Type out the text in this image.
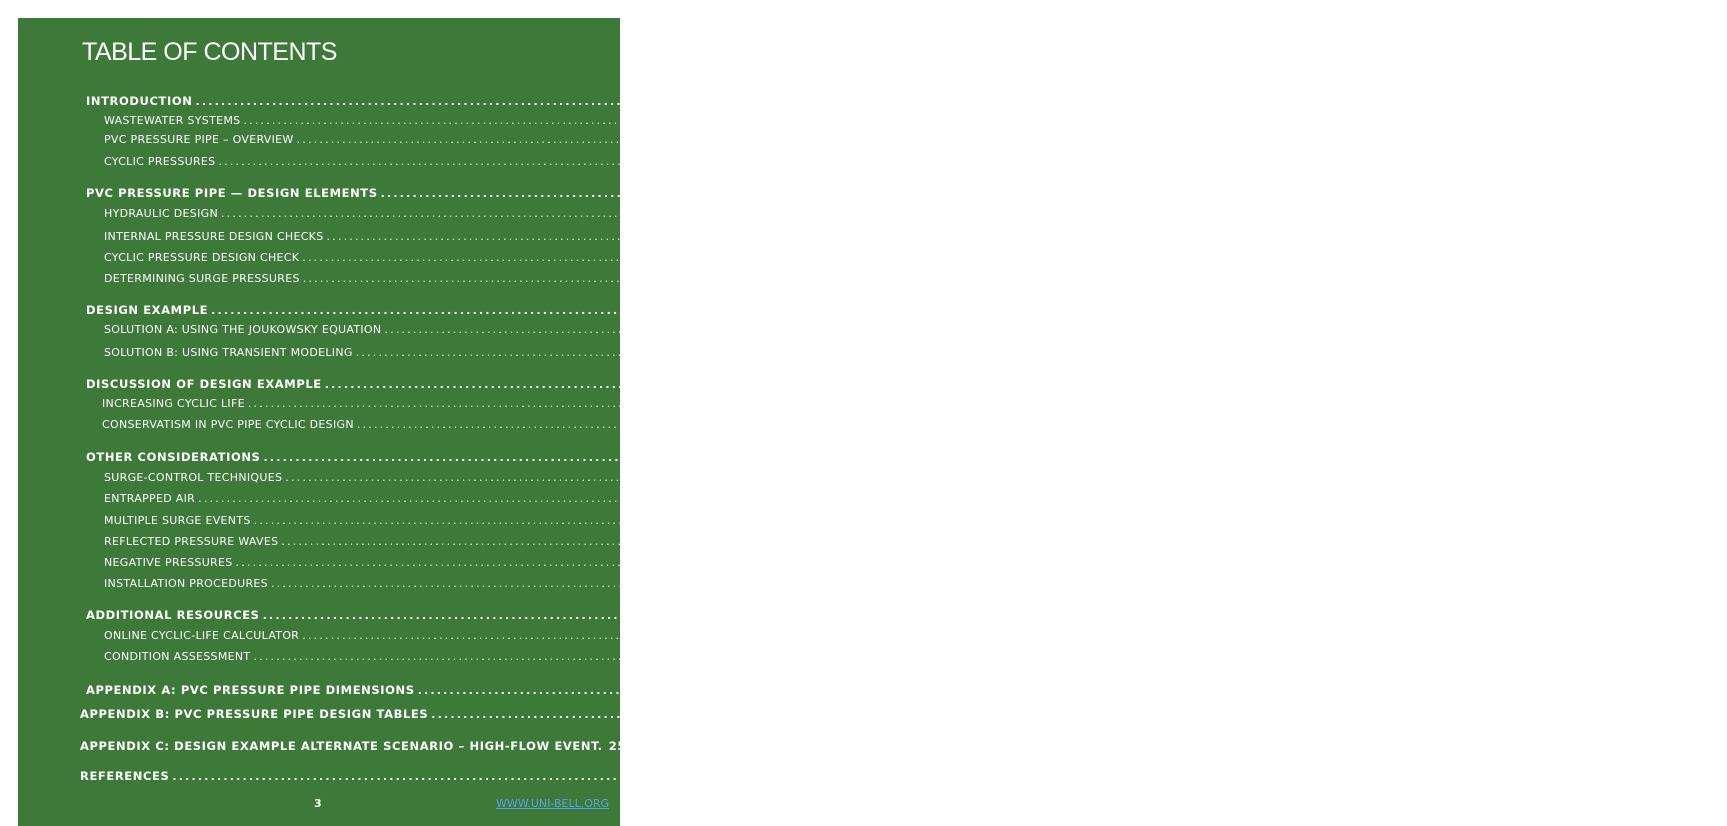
TABLE OF CONTENTS
INTRODUCTION ........................................................................................................................................................................................................ 4
WASTEWATER SYSTEMS ........................................................................................................................................................................................................ .4
PVC PRESSURE PIPE – OVERVIEW ........................................................................................................................................................................................................ .4
CYCLIC PRESSURES ........................................................................................................................................................................................................ .4
PVC PRESSURE PIPE — DESIGN ELEMENTS ........................................................................................................................................................................................................ 5
HYDRAULIC DESIGN ........................................................................................................................................................................................................ .5
INTERNAL PRESSURE DESIGN CHECKS ........................................................................................................................................................................................................ .5
CYCLIC PRESSURE DESIGN CHECK ........................................................................................................................................................................................................ .6
DETERMINING SURGE PRESSURES ........................................................................................................................................................................................................ .8
DESIGN EXAMPLE ........................................................................................................................................................................................................ 10
SOLUTION A: USING THE JOUKOWSKY EQUATION ........................................................................................................................................................................................................ .11
SOLUTION B: USING TRANSIENT MODELING ........................................................................................................................................................................................................ .13
DISCUSSION OF DESIGN EXAMPLE ........................................................................................................................................................................................................ 17
INCREASING CYCLIC LIFE ........................................................................................................................................................................................................ .17
CONSERVATISM IN PVC PIPE CYCLIC DESIGN ........................................................................................................................................................................................................ .17
OTHER CONSIDERATIONS ........................................................................................................................................................................................................ 18
SURGE-CONTROL TECHNIQUES ........................................................................................................................................................................................................ .18
ENTRAPPED AIR ........................................................................................................................................................................................................ .18
MULTIPLE SURGE EVENTS ........................................................................................................................................................................................................ .18
REFLECTED PRESSURE WAVES ........................................................................................................................................................................................................ .21
NEGATIVE PRESSURES ........................................................................................................................................................................................................ .21
INSTALLATION PROCEDURES ........................................................................................................................................................................................................ .21
ADDITIONAL RESOURCES ........................................................................................................................................................................................................ 22
ONLINE CYCLIC-LIFE CALCULATOR ........................................................................................................................................................................................................ .22
CONDITION ASSESSMENT ........................................................................................................................................................................................................ .22
APPENDIX A: PVC PRESSURE PIPE DIMENSIONS ........................................................................................................................................................................................................ 23
APPENDIX B: PVC PRESSURE PIPE DESIGN TABLES ........................................................................................................................................................................................................ 24
APPENDIX C: DESIGN EXAMPLE ALTERNATE SCENARIO – HIGH-FLOW EVENT. 25
REFERENCES ........................................................................................................................................................................................................ 30
3	WWW.UNI-BELL.ORG
